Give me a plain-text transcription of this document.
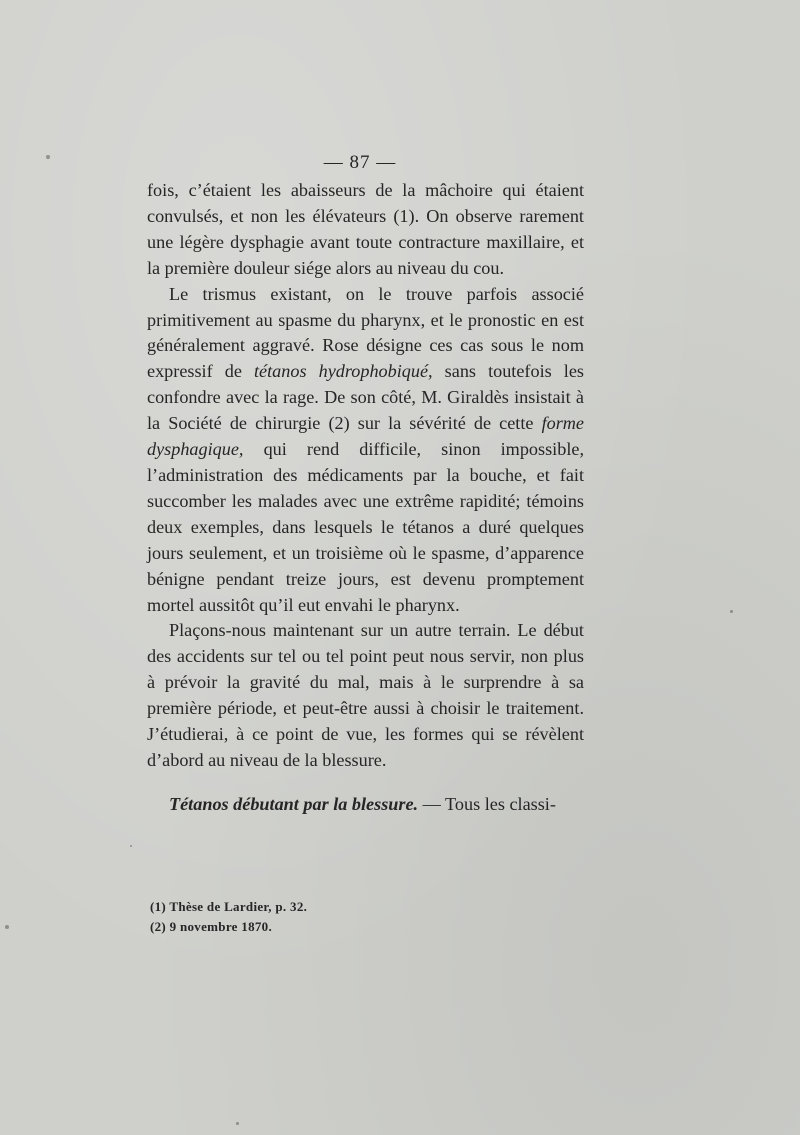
— 87 —

fois, c’étaient les abaisseurs de la mâchoire qui étaient convulsés, et non les élévateurs (1). On observe rarement une légère dysphagie avant toute contracture maxillaire, et la première douleur siége alors au niveau du cou.

Le trismus existant, on le trouve parfois associé primitivement au spasme du pharynx, et le pronostic en est généralement aggravé. Rose désigne ces cas sous le nom expressif de tétanos hydrophobiqué, sans toutefois les confondre avec la rage. De son côté, M. Giraldès insistait à la Société de chirurgie (2) sur la sévérité de cette forme dysphagique, qui rend difficile, sinon impossible, l’administration des médicaments par la bouche, et fait succomber les malades avec une extrême rapidité; témoins deux exemples, dans lesquels le tétanos a duré quelques jours seulement, et un troisième où le spasme, d’apparence bénigne pendant treize jours, est devenu promptement mortel aussitôt qu’il eut envahi le pharynx.

Plaçons-nous maintenant sur un autre terrain. Le début des accidents sur tel ou tel point peut nous servir, non plus à prévoir la gravité du mal, mais à le surprendre à sa première période, et peut-être aussi à choisir le traitement. J’étudierai, à ce point de vue, les formes qui se révèlent d’abord au niveau de la blessure.

Tétanos débutant par la blessure. — Tous les classi-

(1) Thèse de Lardier, p. 32.
(2) 9 novembre 1870.
